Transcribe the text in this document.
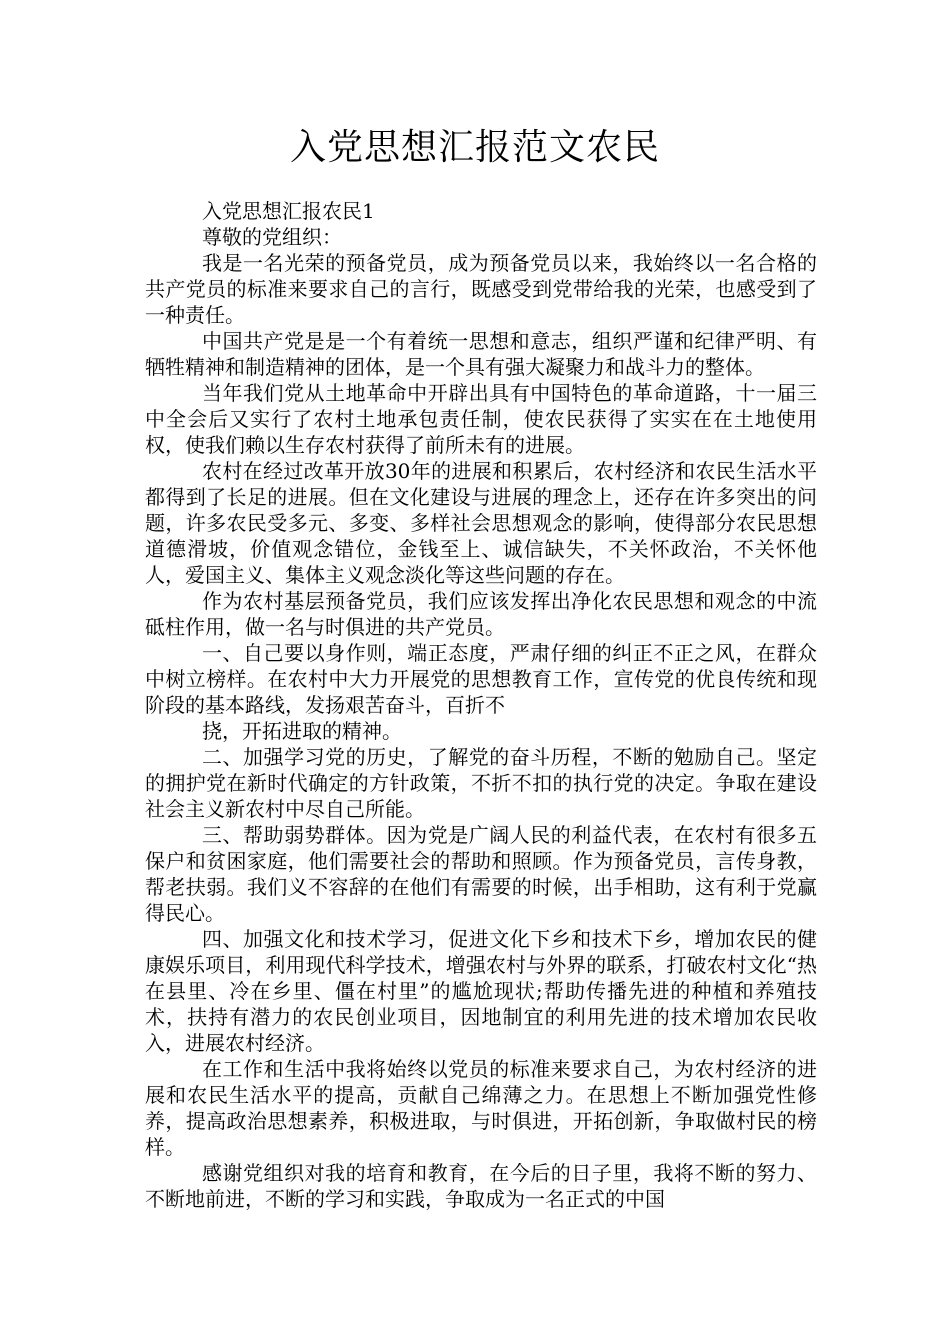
入党思想汇报范文农民

入党思想汇报农民1

尊敬的党组织：

我是一名光荣的预备党员，成为预备党员以来，我始终以一名合格的共产党员的标准来要求自己的言行，既感受到党带给我的光荣，也感受到了一种责任。

中国共产党是是一个有着统一思想和意志，组织严谨和纪律严明、有牺牲精神和制造精神的团体，是一个具有强大凝聚力和战斗力的整体。

当年我们党从土地革命中开辟出具有中国特色的革命道路，十一届三中全会后又实行了农村土地承包责任制，使农民获得了实实在在土地使用权，使我们赖以生存农村获得了前所未有的进展。

农村在经过改革开放30年的进展和积累后，农村经济和农民生活水平都得到了长足的进展。但在文化建设与进展的理念上，还存在许多突出的问题，许多农民受多元、多变、多样社会思想观念的影响，使得部分农民思想道德滑坡，价值观念错位，金钱至上、诚信缺失，不关怀政治，不关怀他人，爱国主义、集体主义观念淡化等这些问题的存在。

作为农村基层预备党员，我们应该发挥出净化农民思想和观念的中流砥柱作用，做一名与时俱进的共产党员。

一、自己要以身作则，端正态度，严肃仔细的纠正不正之风，在群众中树立榜样。在农村中大力开展党的思想教育工作，宣传党的优良传统和现阶段的基本路线，发扬艰苦奋斗，百折不

挠，开拓进取的精神。

二、加强学习党的历史，了解党的奋斗历程，不断的勉励自己。坚定的拥护党在新时代确定的方针政策，不折不扣的执行党的决定。争取在建设社会主义新农村中尽自己所能。

三、帮助弱势群体。因为党是广阔人民的利益代表，在农村有很多五保户和贫困家庭，他们需要社会的帮助和照顾。作为预备党员，言传身教，帮老扶弱。我们义不容辞的在他们有需要的时候，出手相助，这有利于党赢得民心。

四、加强文化和技术学习，促进文化下乡和技术下乡，增加农民的健康娱乐项目，利用现代科学技术，增强农村与外界的联系，打破农村文化“热在县里、冷在乡里、僵在村里”的尴尬现状;帮助传播先进的种植和养殖技术，扶持有潜力的农民创业项目，因地制宜的利用先进的技术增加农民收入，进展农村经济。

在工作和生活中我将始终以党员的标准来要求自己，为农村经济的进展和农民生活水平的提高，贡献自己绵薄之力。在思想上不断加强党性修养，提高政治思想素养，积极进取，与时俱进，开拓创新，争取做村民的榜样。

感谢党组织对我的培育和教育，在今后的日子里，我将不断的努力、不断地前进，不断的学习和实践，争取成为一名正式的中国
